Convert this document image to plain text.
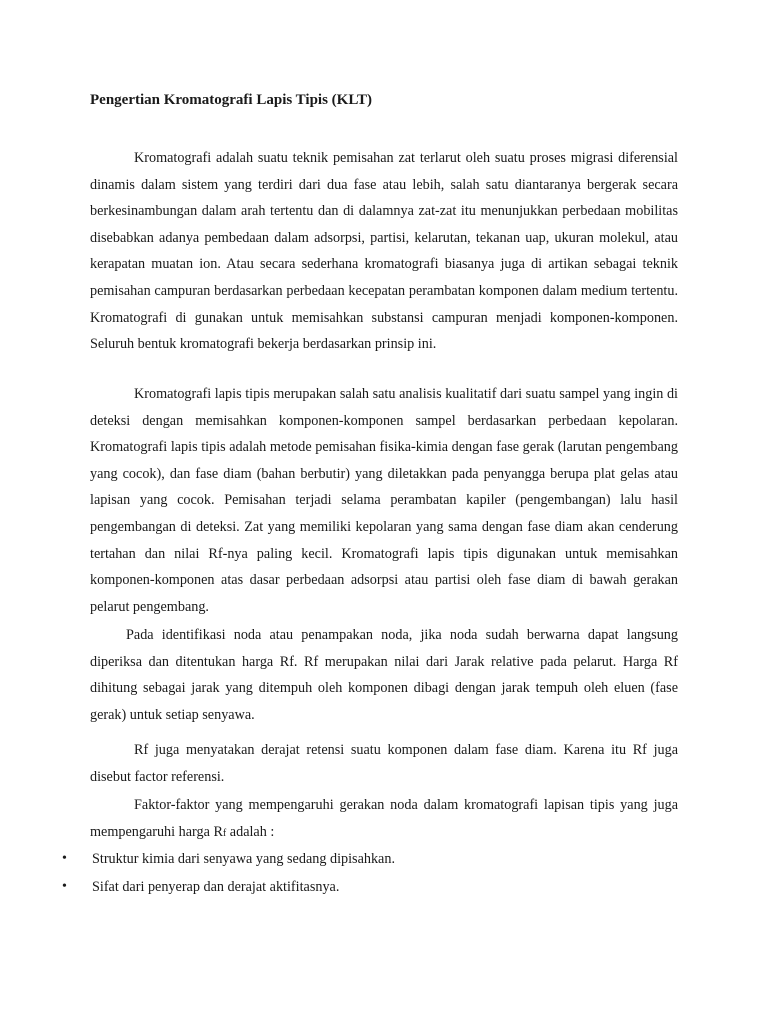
Pengertian Kromatografi Lapis Tipis (KLT)

Kromatografi adalah suatu teknik pemisahan zat terlarut oleh suatu proses migrasi diferensial dinamis dalam sistem yang terdiri dari dua fase atau lebih, salah satu diantaranya bergerak secara berkesinambungan dalam arah tertentu dan di dalamnya zat-zat itu menunjukkan perbedaan mobilitas disebabkan adanya pembedaan dalam adsorpsi, partisi, kelarutan, tekanan uap, ukuran molekul, atau kerapatan muatan ion. Atau secara sederhana kromatografi biasanya juga di artikan sebagai teknik pemisahan campuran berdasarkan perbedaan kecepatan perambatan komponen dalam medium tertentu. Kromatografi di gunakan untuk memisahkan substansi campuran menjadi komponen-komponen. Seluruh bentuk kromatografi bekerja berdasarkan prinsip ini.

Kromatografi lapis tipis merupakan salah satu analisis kualitatif dari suatu sampel yang ingin di deteksi dengan memisahkan komponen-komponen sampel berdasarkan perbedaan kepolaran. Kromatografi lapis tipis adalah metode pemisahan fisika-kimia dengan fase gerak (larutan pengembang yang cocok), dan fase diam (bahan berbutir) yang diletakkan pada penyangga berupa plat gelas atau lapisan yang cocok. Pemisahan terjadi selama perambatan kapiler (pengembangan) lalu hasil pengembangan di deteksi. Zat yang memiliki kepolaran yang sama dengan fase diam akan cenderung tertahan dan nilai Rf-nya paling kecil. Kromatografi lapis tipis digunakan untuk memisahkan komponen-komponen atas dasar perbedaan adsorpsi atau partisi oleh fase diam di bawah gerakan pelarut pengembang.

Pada identifikasi noda atau penampakan noda, jika noda sudah berwarna dapat langsung diperiksa dan ditentukan harga Rf. Rf merupakan nilai dari Jarak relative pada pelarut. Harga Rf dihitung sebagai jarak yang ditempuh oleh komponen dibagi dengan jarak tempuh oleh eluen (fase gerak) untuk setiap senyawa.

Rf juga menyatakan derajat retensi suatu komponen dalam fase diam. Karena itu Rf juga disebut factor referensi.

Faktor-faktor yang mempengaruhi gerakan noda dalam kromatografi lapisan tipis yang juga mempengaruhi harga Rf adalah :

• Struktur kimia dari senyawa yang sedang dipisahkan.
• Sifat dari penyerap dan derajat aktifitasnya.
